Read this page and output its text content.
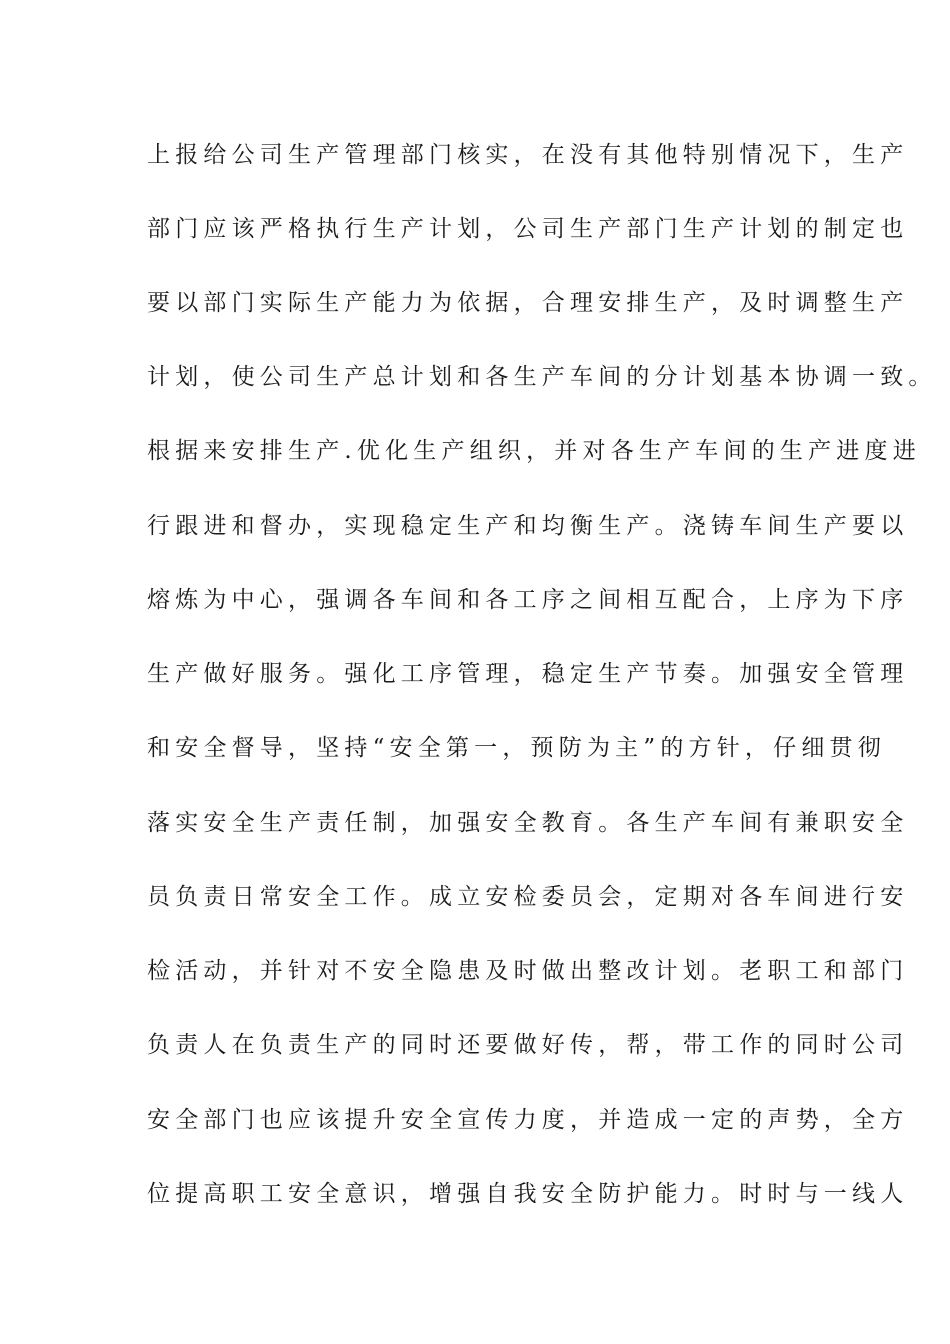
上报给公司生产管理部门核实，在没有其他特别情况下，生产
部门应该严格执行生产计划，公司生产部门生产计划的制定也
要以部门实际生产能力为依据，合理安排生产，及时调整生产
计划，使公司生产总计划和各生产车间的分计划基本协调一致。
根据来安排生产.优化生产组织，并对各生产车间的生产进度进
行跟进和督办，实现稳定生产和均衡生产。浇铸车间生产要以
熔炼为中心，强调各车间和各工序之间相互配合，上序为下序
生产做好服务。强化工序管理，稳定生产节奏。加强安全管理
和安全督导，坚持“安全第一，预防为主”的方针，仔细贯彻
落实安全生产责任制，加强安全教育。各生产车间有兼职安全
员负责日常安全工作。成立安检委员会，定期对各车间进行安
检活动，并针对不安全隐患及时做出整改计划。老职工和部门
负责人在负责生产的同时还要做好传，帮，带工作的同时公司
安全部门也应该提升安全宣传力度，并造成一定的声势，全方
位提高职工安全意识，增强自我安全防护能力。时时与一线人
